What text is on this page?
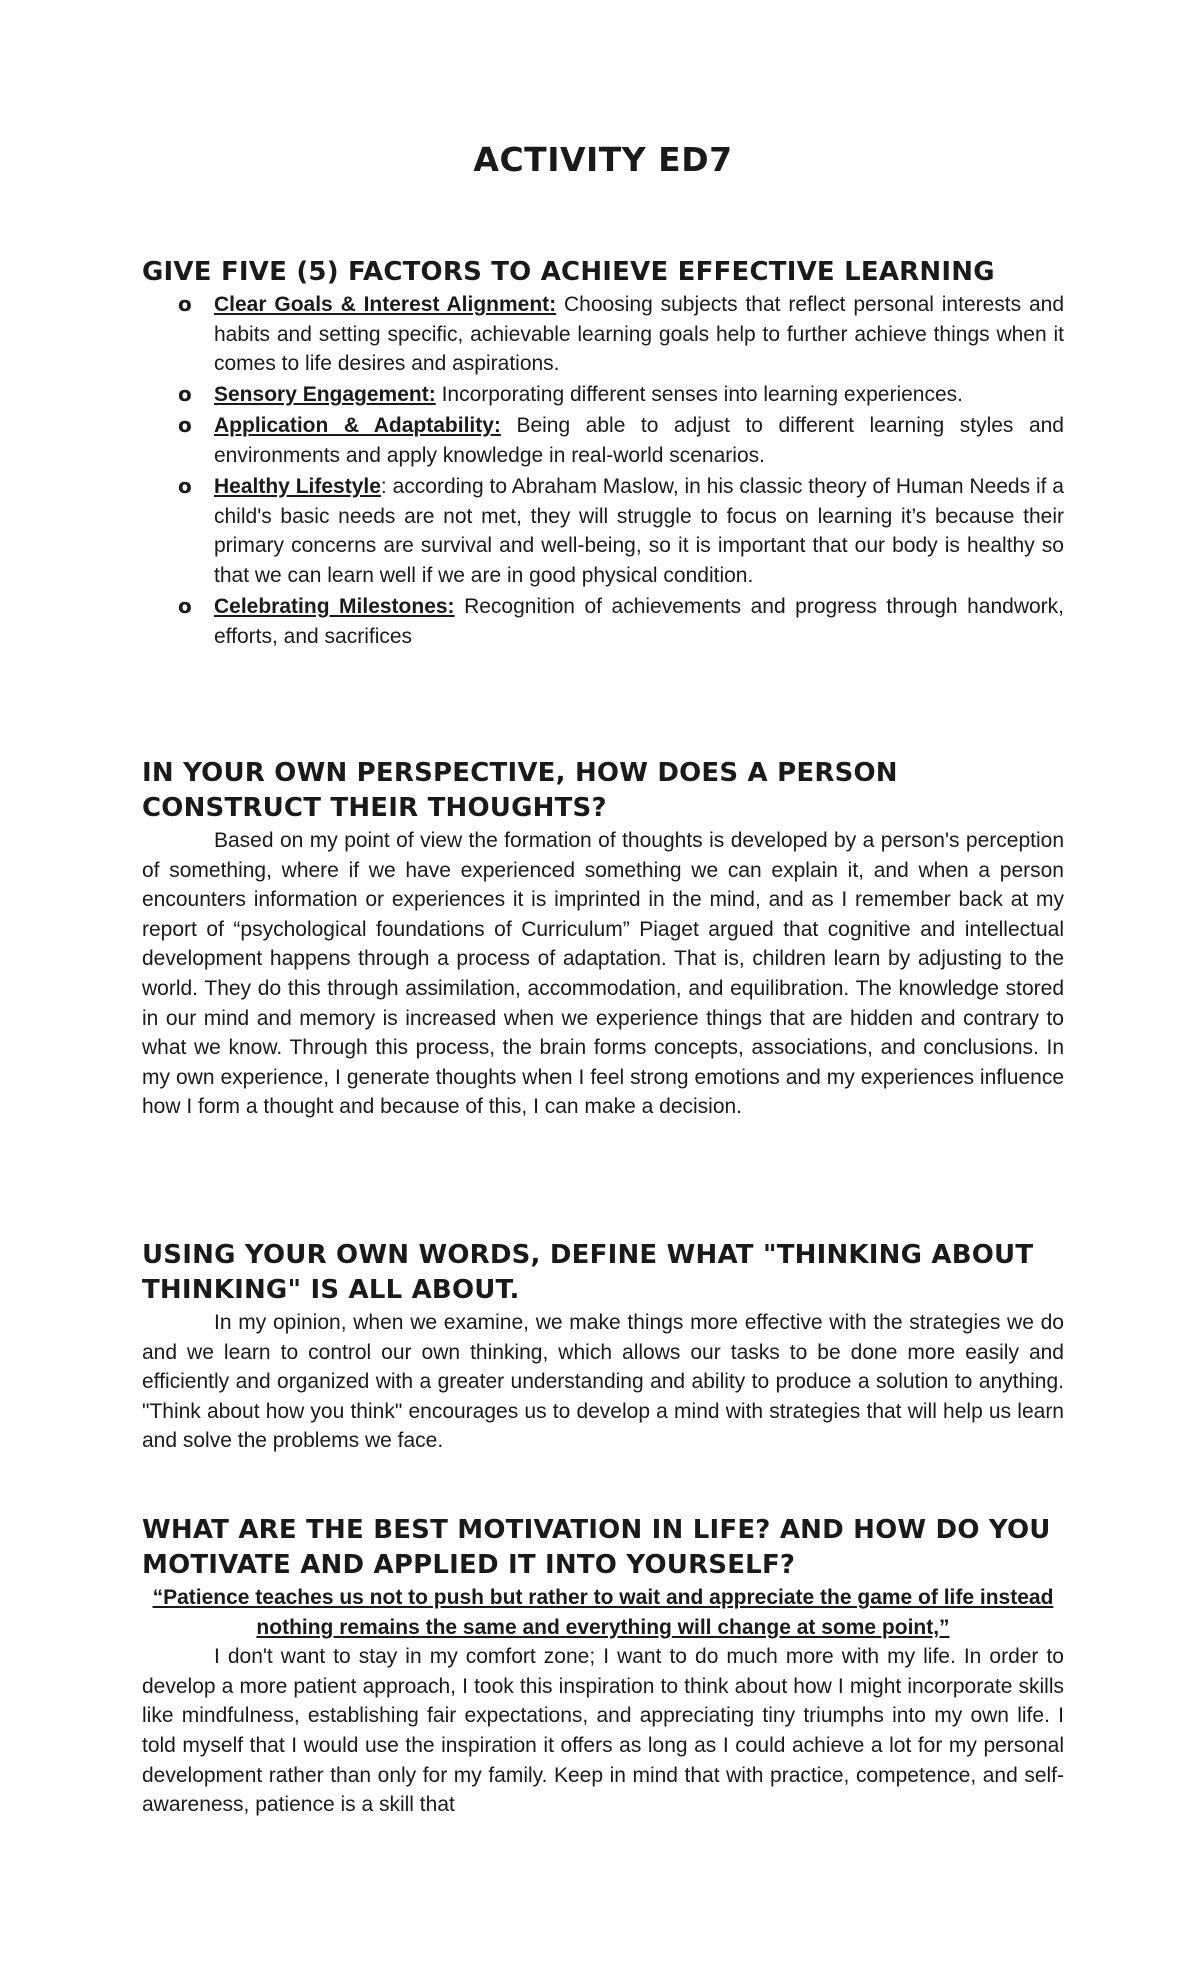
ACTIVITY ED7
GIVE FIVE (5) FACTORS TO ACHIEVE EFFECTIVE LEARNING
o Clear Goals & Interest Alignment: Choosing subjects that reflect personal interests and habits and setting specific, achievable learning goals help to further achieve things when it comes to life desires and aspirations.
o Sensory Engagement: Incorporating different senses into learning experiences.
o Application & Adaptability: Being able to adjust to different learning styles and environments and apply knowledge in real-world scenarios.
o Healthy Lifestyle: according to Abraham Maslow, in his classic theory of Human Needs if a child's basic needs are not met, they will struggle to focus on learning it’s because their primary concerns are survival and well-being, so it is important that our body is healthy so that we can learn well if we are in good physical condition.
o Celebrating Milestones: Recognition of achievements and progress through handwork, efforts, and sacrifices
IN YOUR OWN PERSPECTIVE, HOW DOES A PERSON CONSTRUCT THEIR THOUGHTS?

Based on my point of view the formation of thoughts is developed by a person's perception of something, where if we have experienced something we can explain it, and when a person encounters information or experiences it is imprinted in the mind, and as I remember back at my report of “psychological foundations of Curriculum” Piaget argued that cognitive and intellectual development happens through a process of adaptation. That is, children learn by adjusting to the world. They do this through assimilation, accommodation, and equilibration. The knowledge stored in our mind and memory is increased when we experience things that are hidden and contrary to what we know. Through this process, the brain forms concepts, associations, and conclusions. In my own experience, I generate thoughts when I feel strong emotions and my experiences influence how I form a thought and because of this, I can make a decision.

USING YOUR OWN WORDS, DEFINE WHAT "THINKING ABOUT THINKING" IS ALL ABOUT.

In my opinion, when we examine, we make things more effective with the strategies we do and we learn to control our own thinking, which allows our tasks to be done more easily and efficiently and organized with a greater understanding and ability to produce a solution to anything. "Think about how you think" encourages us to develop a mind with strategies that will help us learn and solve the problems we face.

WHAT ARE THE BEST MOTIVATION IN LIFE? AND HOW DO YOU MOTIVATE AND APPLIED IT INTO YOURSELF?

“Patience teaches us not to push but rather to wait and appreciate the game of life instead nothing remains the same and everything will change at some point,”

I don't want to stay in my comfort zone; I want to do much more with my life. In order to develop a more patient approach, I took this inspiration to think about how I might incorporate skills like mindfulness, establishing fair expectations, and appreciating tiny triumphs into my own life. I told myself that I would use the inspiration it offers as long as I could achieve a lot for my personal development rather than only for my family. Keep in mind that with practice, competence, and self-awareness, patience is a skill that
